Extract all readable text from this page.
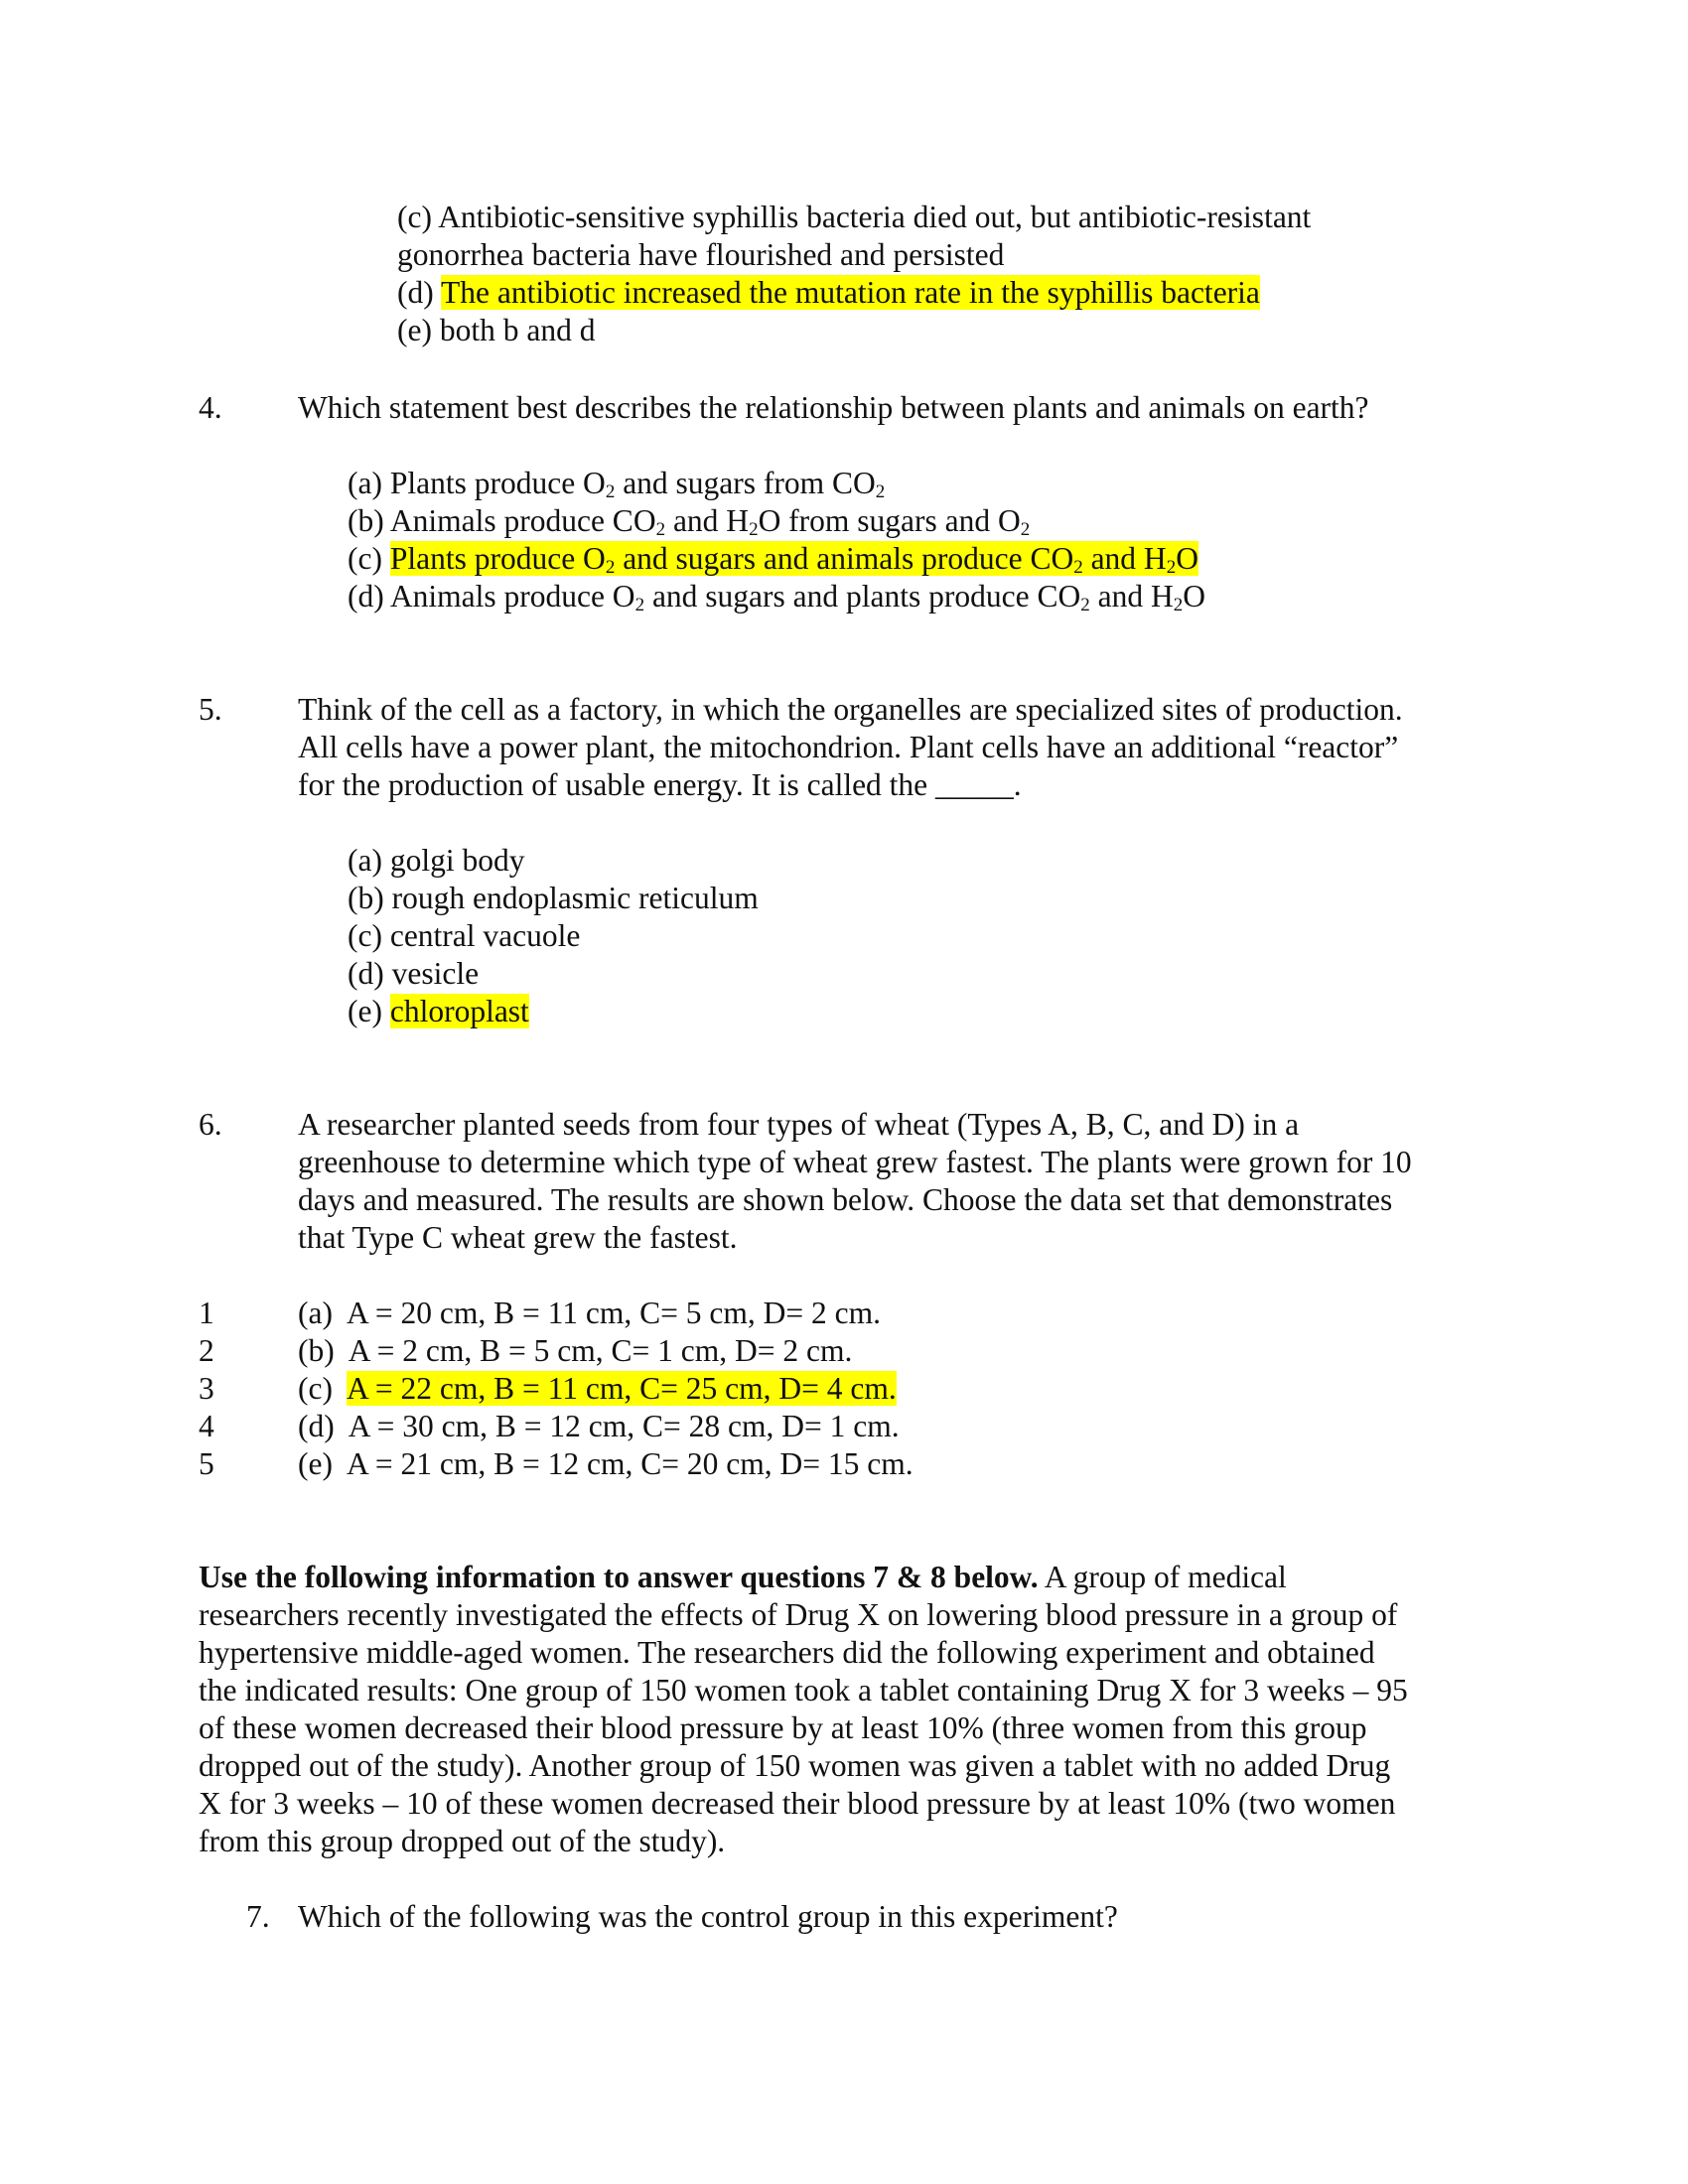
(c) Antibiotic-sensitive syphillis bacteria died out, but antibiotic-resistant
gonorrhea bacteria have flourished and persisted
(d) The antibiotic increased the mutation rate in the syphillis bacteria
(e) both b and d
4. Which statement best describes the relationship between plants and animals on earth?
(a) Plants produce $O_2$ and sugars from $CO_2$
(b) Animals produce $CO_2$ and $H_2O$ from sugars and $O_2$
(c) Plants produce $O_2$ and sugars and animals produce $CO_2$ and $H_2O$
(d) Animals produce $O_2$ and sugars and plants produce $CO_2$ and $H_2O$
5. Think of the cell as a factory, in which the organelles are specialized sites of production.
All cells have a power plant, the mitochondrion. Plant cells have an additional “reactor”
for the production of usable energy. It is called the _____.
(a) golgi body
(b) rough endoplasmic reticulum
(c) central vacuole
(d) vesicle
(e) chloroplast
6. A researcher planted seeds from four types of wheat (Types A, B, C, and D) in a
greenhouse to determine which type of wheat grew fastest. The plants were grown for 10
days and measured. The results are shown below. Choose the data set that demonstrates
that Type C wheat grew the fastest.
1	(a) A = 20 cm, B = 11 cm, C= 5 cm, D= 2 cm.
2	(b) A = 2 cm, B = 5 cm, C= 1 cm, D= 2 cm.
3	(c) A = 22 cm, B = 11 cm, C= 25 cm, D= 4 cm.
4	(d) A = 30 cm, B = 12 cm, C= 28 cm, D= 1 cm.
5	(e) A = 21 cm, B = 12 cm, C= 20 cm, D= 15 cm.
Use the following information to answer questions 7 & 8 below. A group of medical
researchers recently investigated the effects of Drug X on lowering blood pressure in a group of
hypertensive middle-aged women. The researchers did the following experiment and obtained
the indicated results: One group of 150 women took a tablet containing Drug X for 3 weeks – 95
of these women decreased their blood pressure by at least 10% (three women from this group
dropped out of the study). Another group of 150 women was given a tablet with no added Drug
X for 3 weeks – 10 of these women decreased their blood pressure by at least 10% (two women
from this group dropped out of the study).
7. Which of the following was the control group in this experiment?
